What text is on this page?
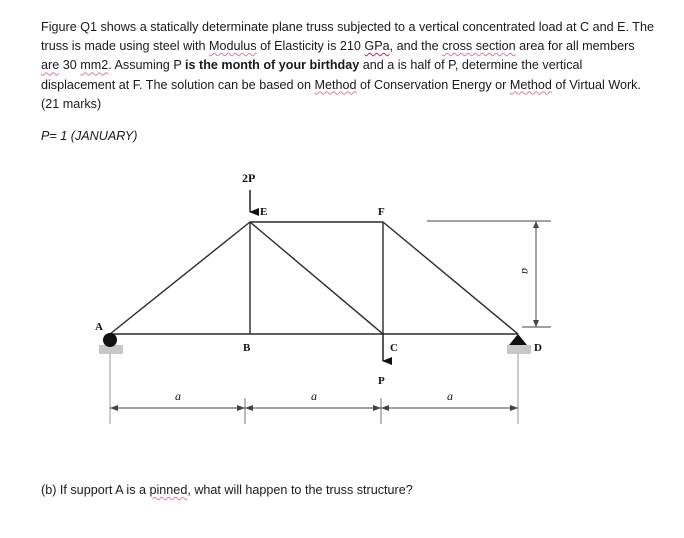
Figure Q1 shows a statically determinate plane truss subjected to a vertical concentrated load at C and E. The truss is made using steel with Modulus of Elasticity is 210 GPa, and the cross section area for all members are 30 mm2. Assuming P is the month of your birthday and a is half of P, determine the vertical displacement at F. The solution can be based on Method of Conservation Energy or Method of Virtual Work. (21 marks)

P= 1 (JANUARY)
2P
P
A
B	C	D
E	F
a
a	a	a
(b) If support A is a pinned, what will happen to the truss structure?
